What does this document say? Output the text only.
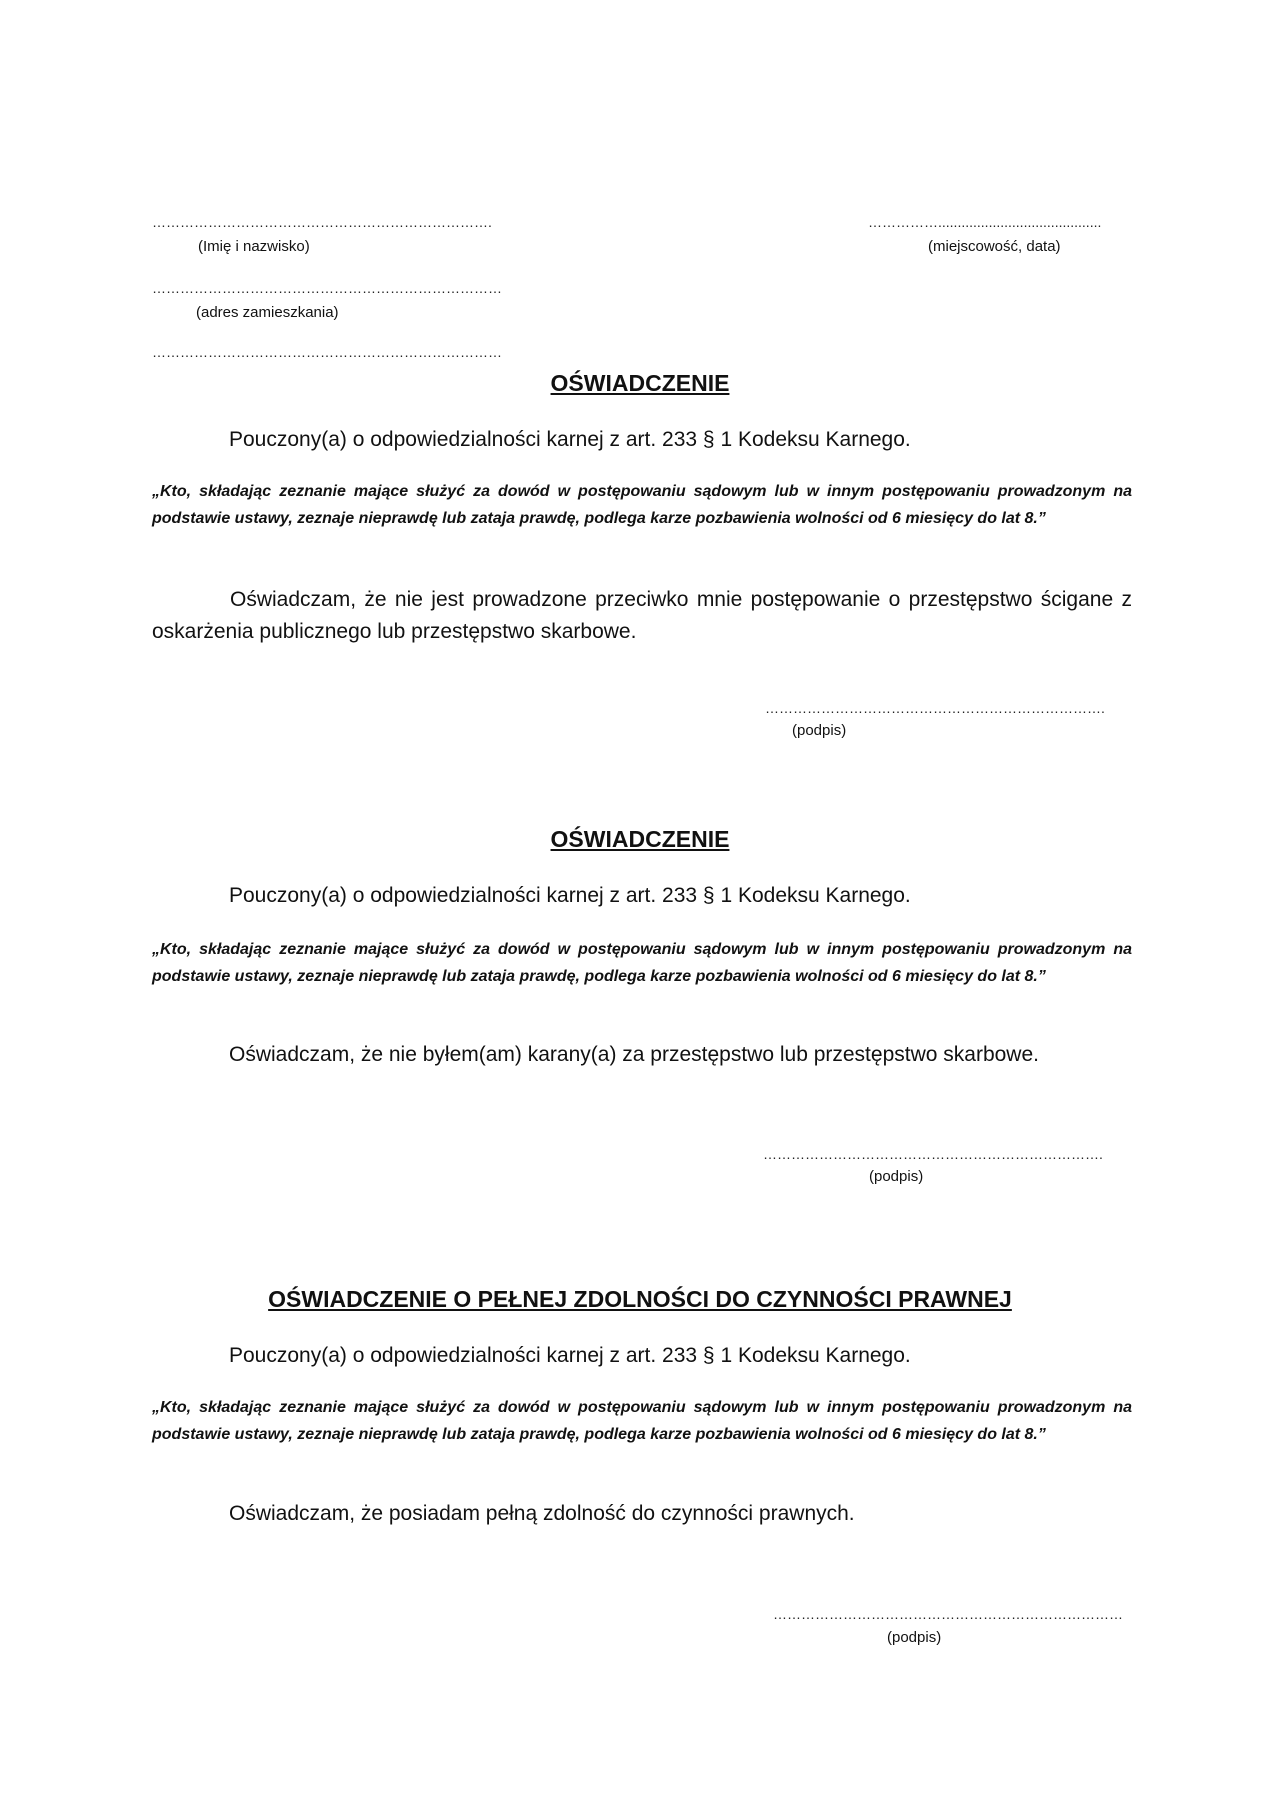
……………………………………………………………….
(Imię i nazwisko)
……………..........................................
(miejscowość, data)
…………………………………………………………………
(adres zamieszkania)
…………………………………………………………………
OŚWIADCZENIE
Pouczony(a) o odpowiedzialności karnej z art. 233 § 1 Kodeksu Karnego.
„Kto, składając zeznanie mające służyć za dowód w postępowaniu sądowym lub w innym postępowaniu prowadzonym na podstawie ustawy, zeznaje nieprawdę lub zataja prawdę, podlega karze pozbawienia wolności od 6 miesięcy do lat 8.”
Oświadczam, że nie jest prowadzone przeciwko mnie postępowanie o przestępstwo ścigane z oskarżenia publicznego lub przestępstwo skarbowe.
……………………………………………………………….
(podpis)
OŚWIADCZENIE
Pouczony(a) o odpowiedzialności karnej z art. 233 § 1 Kodeksu Karnego.
„Kto, składając zeznanie mające służyć za dowód w postępowaniu sądowym lub w innym postępowaniu prowadzonym na podstawie ustawy, zeznaje nieprawdę lub zataja prawdę, podlega karze pozbawienia wolności od 6 miesięcy do lat 8.”
Oświadczam, że nie byłem(am) karany(a) za przestępstwo lub przestępstwo skarbowe.
……………………………………………………………….
(podpis)
OŚWIADCZENIE O PEŁNEJ ZDOLNOŚCI DO CZYNNOŚCI PRAWNEJ
Pouczony(a) o odpowiedzialności karnej z art. 233 § 1 Kodeksu Karnego.
„Kto, składając zeznanie mające służyć za dowód w postępowaniu sądowym lub w innym postępowaniu prowadzonym na podstawie ustawy, zeznaje nieprawdę lub zataja prawdę, podlega karze pozbawienia wolności od 6 miesięcy do lat 8.”
Oświadczam, że posiadam pełną zdolność do czynności prawnych.
…………………………………………………………………
(podpis)
